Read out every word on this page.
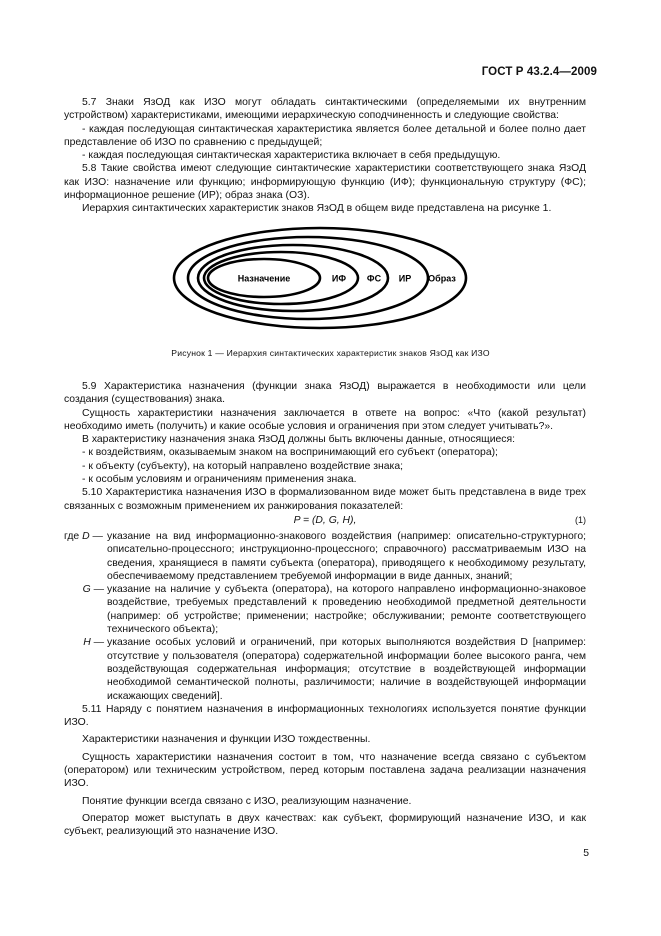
ГОСТ Р 43.2.4—2009

5.7 Знаки ЯзОД как ИЗО могут обладать синтактическими (определяемыми их внутренним устройством) характеристиками, имеющими иерархическую соподчиненность и следующие свойства:

- каждая последующая синтактическая характеристика является более детальной и более полно дает представление об ИЗО по сравнению с предыдущей;

- каждая последующая синтактическая характеристика включает в себя предыдущую.

5.8 Такие свойства имеют следующие синтактические характеристики соответствующего знака ЯзОД как ИЗО: назначение или функцию; информирующую функцию (ИФ); функциональную структуру (ФС); информационное решение (ИР); образ знака (ОЗ).

Иерархия синтактических характеристик знаков ЯзОД в общем виде представлена на рисунке 1.

Назначение	ИФ ФС ИР Образ
Рисунок 1 — Иерархия синтактических характеристик знаков ЯзОД как ИЗО

5.9 Характеристика назначения (функции знака ЯзОД) выражается в необходимости или цели создания (существования) знака.

Сущность характеристики назначения заключается в ответе на вопрос: «Что (какой результат) необходимо иметь (получить) и какие особые условия и ограничения при этом следует учитывать?».

В характеристику назначения знака ЯзОД должны быть включены данные, относящиеся:

- к воздействиям, оказываемым знаком на воспринимающий его субъект (оператора);

- к объекту (субъекту), на который направлено воздействие знака;

- к особым условиям и ограничениям применения знака.

5.10 Характеристика назначения ИЗО в формализованном виде может быть представлена в виде трех связанных с возможным применением их ранжирования показателей:

P = (D, G, H),	(1)
где D — указание на вид информационно-знакового воздействия (например: описательно-структурного; описательно-процессного; инструкционно-процессного; справочного) рассматриваемым ИЗО на сведения, хранящиеся в памяти субъекта (оператора), приводящего к необходимому результату, обеспечиваемому представлением требуемой информации в виде данных, знаний;
G — указание на наличие у субъекта (оператора), на которого направлено информационно-знаковое воздействие, требуемых представлений к проведению необходимой предметной деятельности (например: об устройстве; применении; настройке; обслуживании; ремонте соответствующего технического объекта);
H — указание особых условий и ограничений, при которых выполняются воздействия D [например: отсутствие у пользователя (оператора) содержательной информации более высокого ранга, чем воздействующая содержательная информация; отсутствие в воздействующей информации необходимой семантической полноты, различимости; наличие в воздействующей информации искажающих сведений].

5.11 Наряду с понятием назначения в информационных технологиях используется понятие функции ИЗО.

Характеристики назначения и функции ИЗО тождественны.

Сущность характеристики назначения состоит в том, что назначение всегда связано с субъектом (оператором) или техническим устройством, перед которым поставлена задача реализации назначения ИЗО.

Понятие функции всегда связано с ИЗО, реализующим назначение.

Оператор может выступать в двух качествах: как субъект, формирующий назначение ИЗО, и как субъект, реализующий это назначение ИЗО.

5
